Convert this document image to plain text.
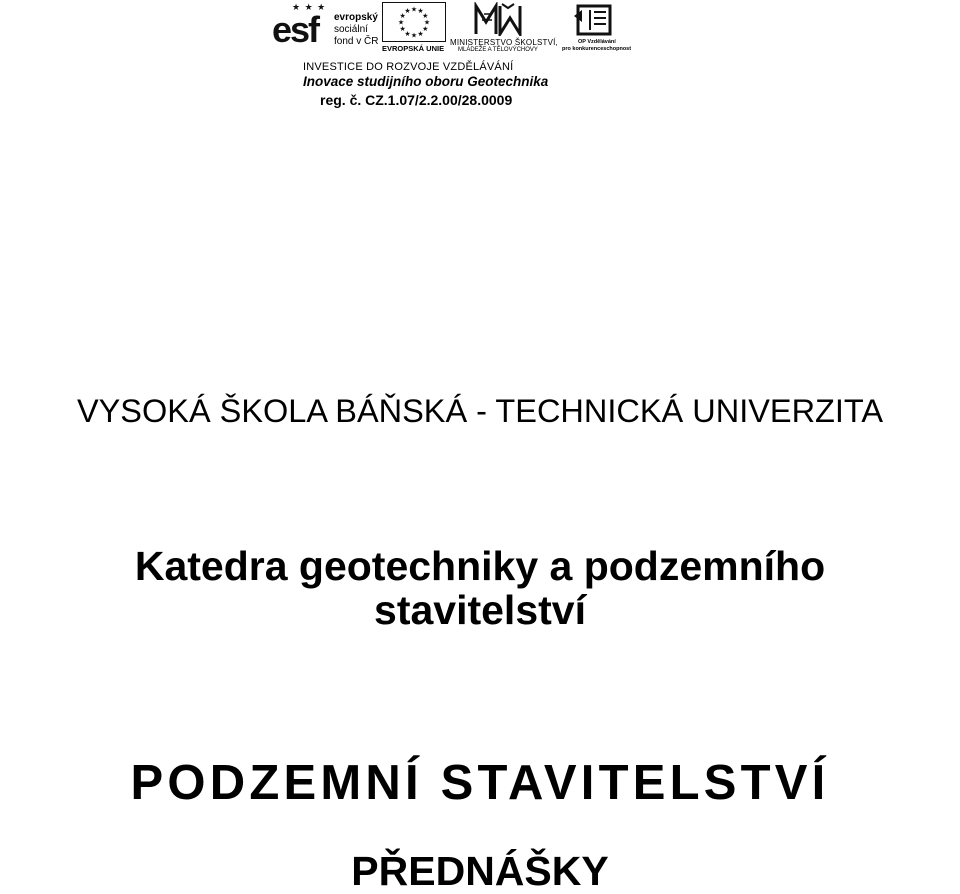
★ ★ ★
esf evropský
sociální
fond v ČR
★ ★
★
★
★
★
★
★
★
★
★
★
EVROPSKÁ UNIE
MINISTERSTVO ŠKOLSTVÍ,
MLÁDEŽE A TĚLOVÝCHOVY
OP Vzdělávání
pro konkurenceschopnost
INVESTICE DO ROZVOJE VZDĚLÁVÁNÍ
Inovace studijního oboru Geotechnika
reg. č. CZ.1.07/2.2.00/28.0009
VYSOKÁ ŠKOLA BÁŇSKÁ - TECHNICKÁ UNIVERZITA
Katedra geotechniky a podzemního
stavitelství
PODZEMNÍ STAVITELSTVÍ
PŘEDNÁŠKY
